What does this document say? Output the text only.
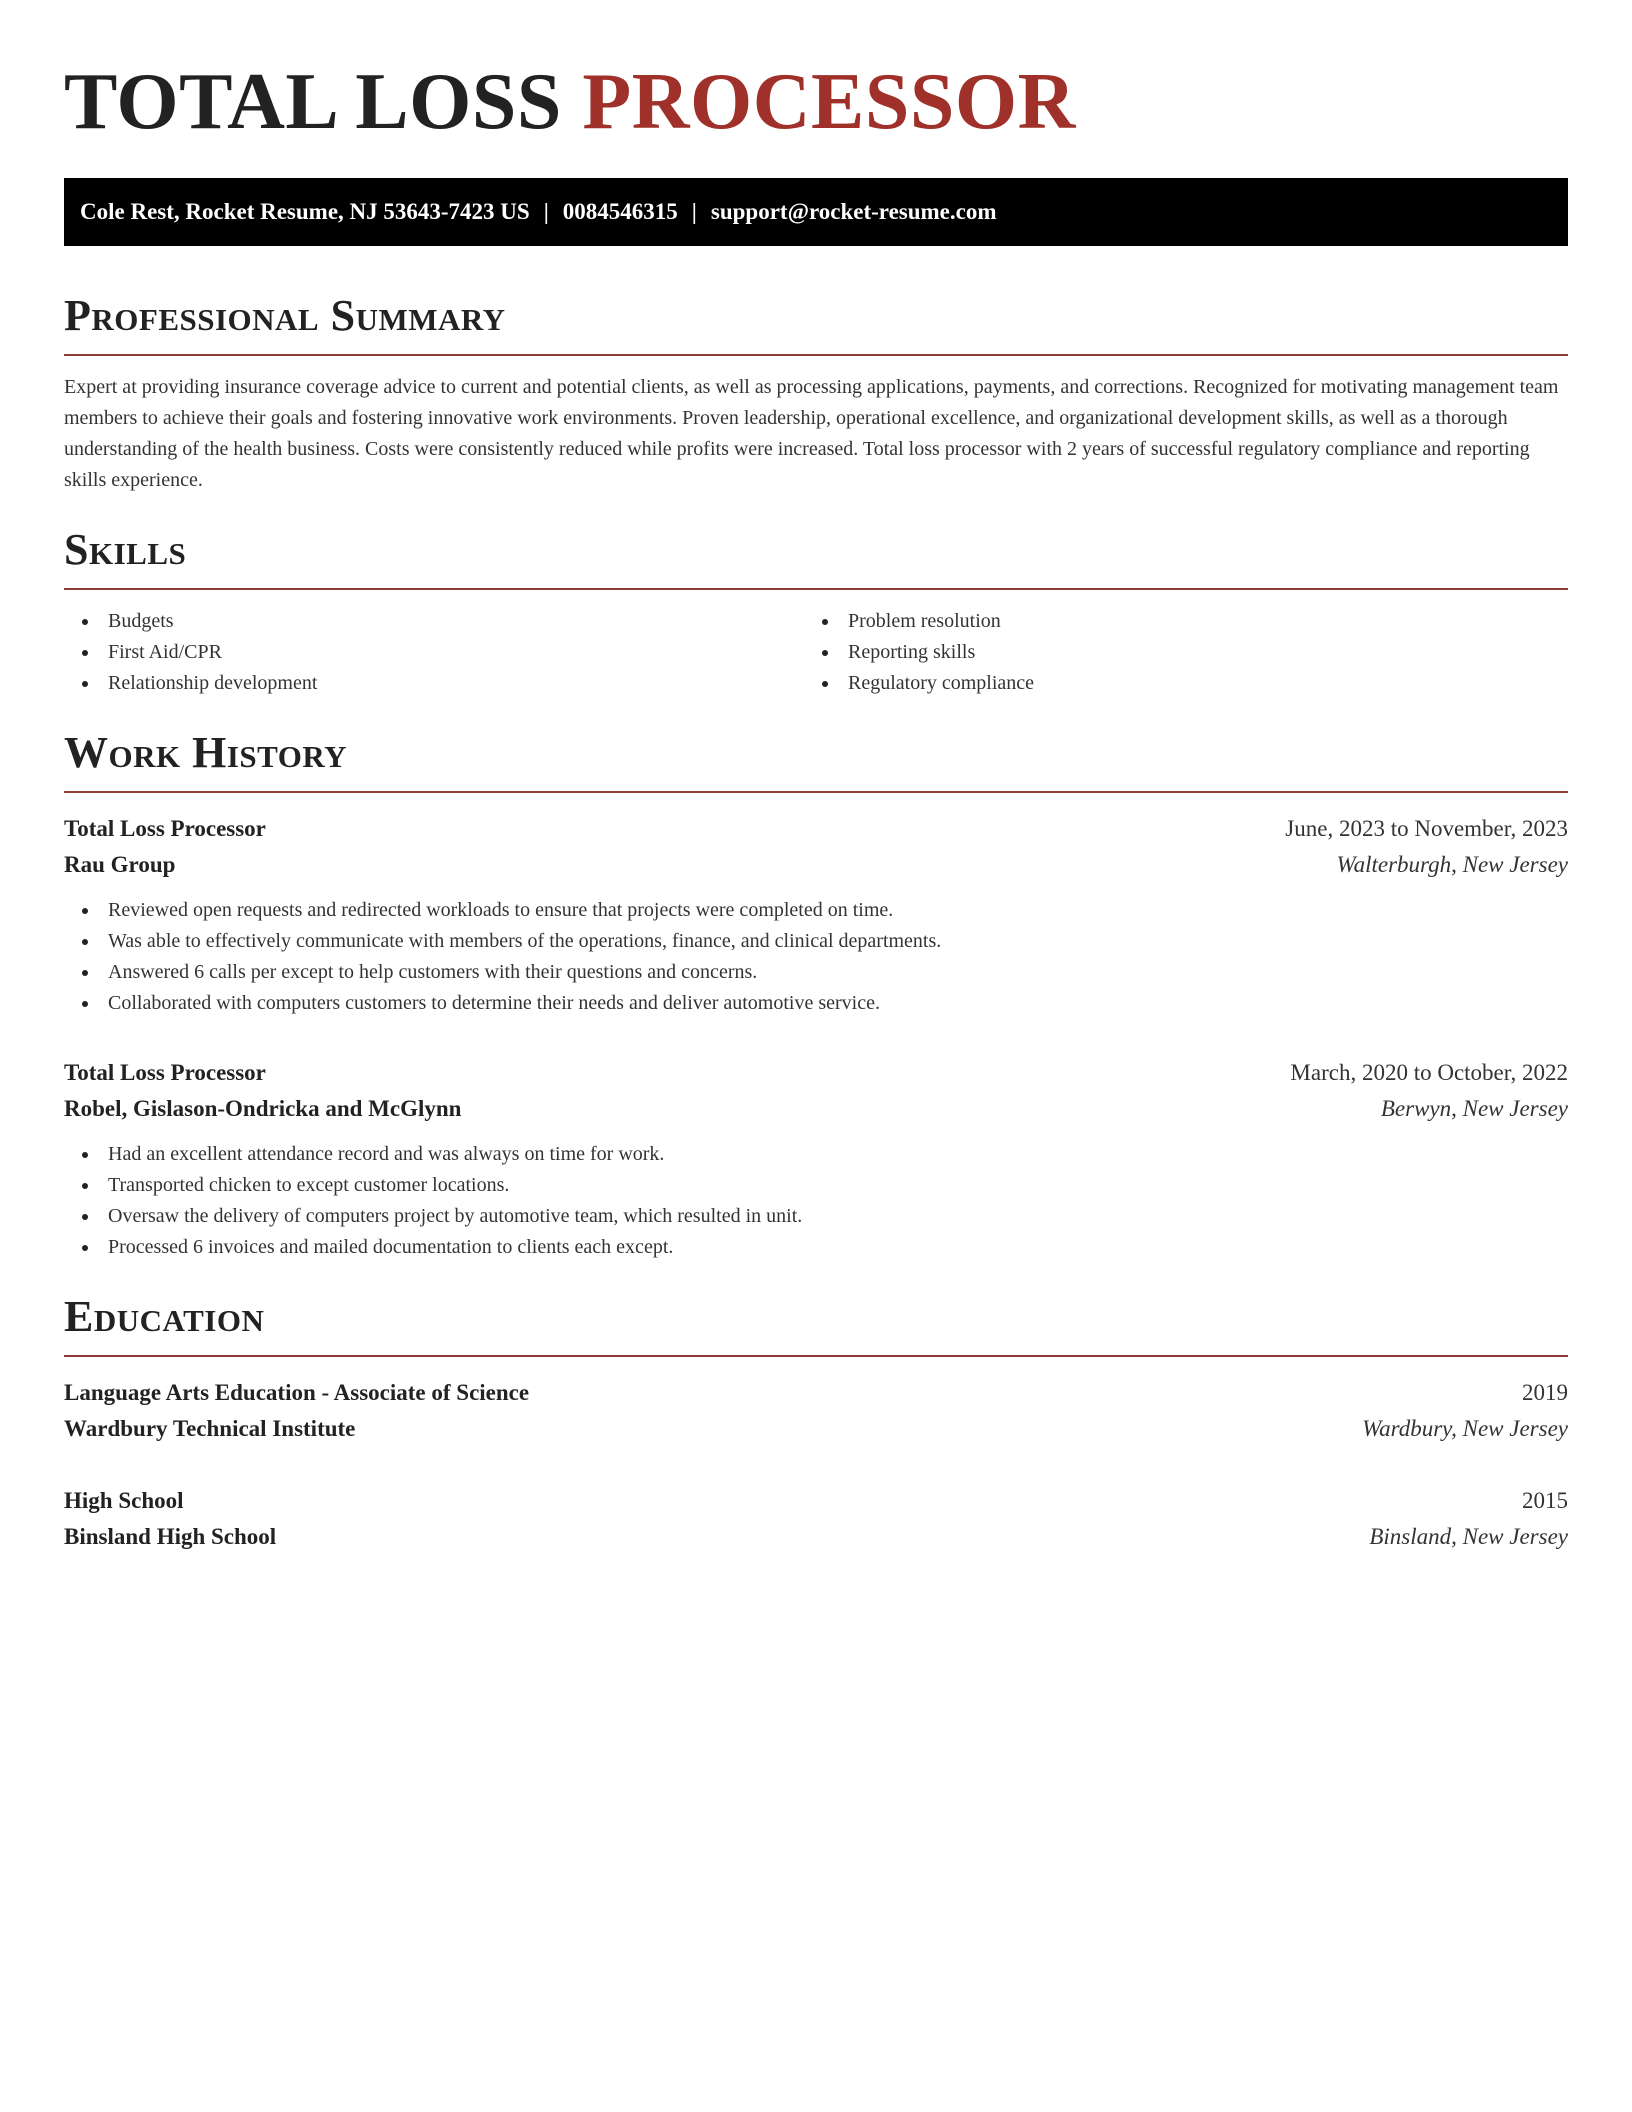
TOTAL LOSS PROCESSOR
Cole Rest, Rocket Resume, NJ 53643-7423 US | 0084546315 | support@rocket-resume.com
Professional Summary

Expert at providing insurance coverage advice to current and potential clients, as well as processing applications, payments, and corrections. Recognized for motivating management team members to achieve their goals and fostering innovative work environments. Proven leadership, operational excellence, and organizational development skills, as well as a thorough understanding of the health business. Costs were consistently reduced while profits were increased. Total loss processor with 2 years of successful regulatory compliance and reporting skills experience.

Skills
Budgets
First Aid/CPR
Relationship development
Problem resolution
Reporting skills
Regulatory compliance
Work History
Total Loss Processor	June, 2023 to November, 2023
Rau Group	Walterburgh, New Jersey
Reviewed open requests and redirected workloads to ensure that projects were completed on time.
Was able to effectively communicate with members of the operations, finance, and clinical departments.
Answered 6 calls per except to help customers with their questions and concerns.
Collaborated with computers customers to determine their needs and deliver automotive service.
Total Loss Processor	March, 2020 to October, 2022
Robel, Gislason-Ondricka and McGlynn	Berwyn, New Jersey
Had an excellent attendance record and was always on time for work.
Transported chicken to except customer locations.
Oversaw the delivery of computers project by automotive team, which resulted in unit.
Processed 6 invoices and mailed documentation to clients each except.
Education
Language Arts Education - Associate of Science	2019
Wardbury Technical Institute	Wardbury, New Jersey
High School	2015
Binsland High School	Binsland, New Jersey
